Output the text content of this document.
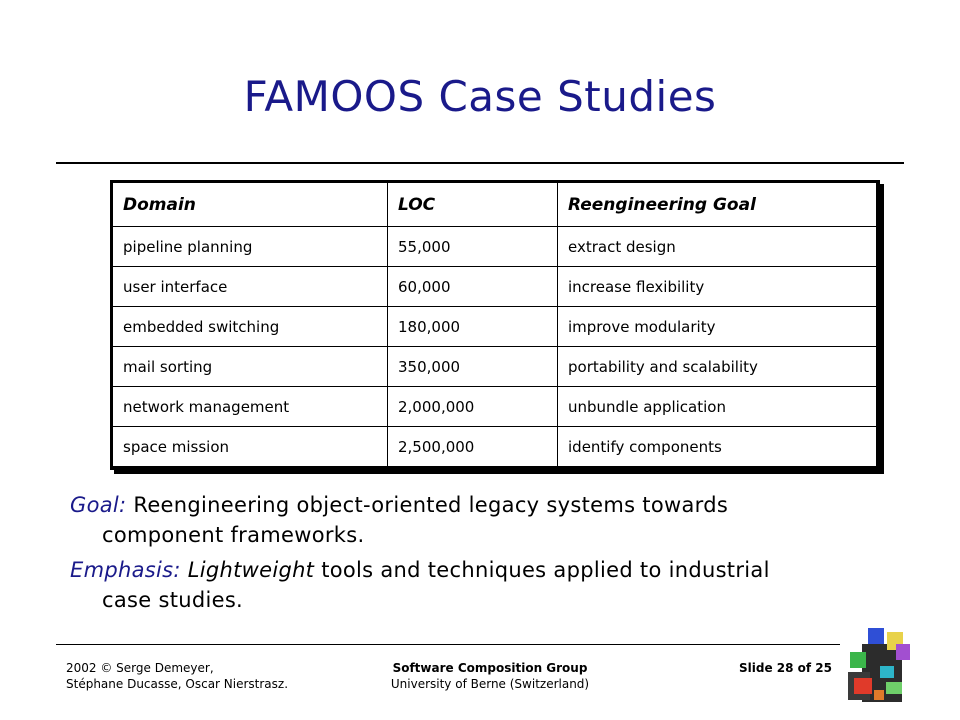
FAMOOS Case Studies
Domain	LOC	Reengineering Goal
pipeline planning	55,000	extract design
user interface	60,000	increase flexibility
embedded switching	180,000	improve modularity
mail sorting	350,000	portability and scalability
network management	2,000,000	unbundle application
space mission	2,500,000	identify components
Goal: Reengineering object-oriented legacy systems towards
component frameworks.
Emphasis: Lightweight tools and techniques applied to industrial
case studies.
2002 © Serge Demeyer,
Stéphane Ducasse, Oscar Nierstrasz.
Software Composition Group
University of Berne (Switzerland)
Slide 28 of 25
